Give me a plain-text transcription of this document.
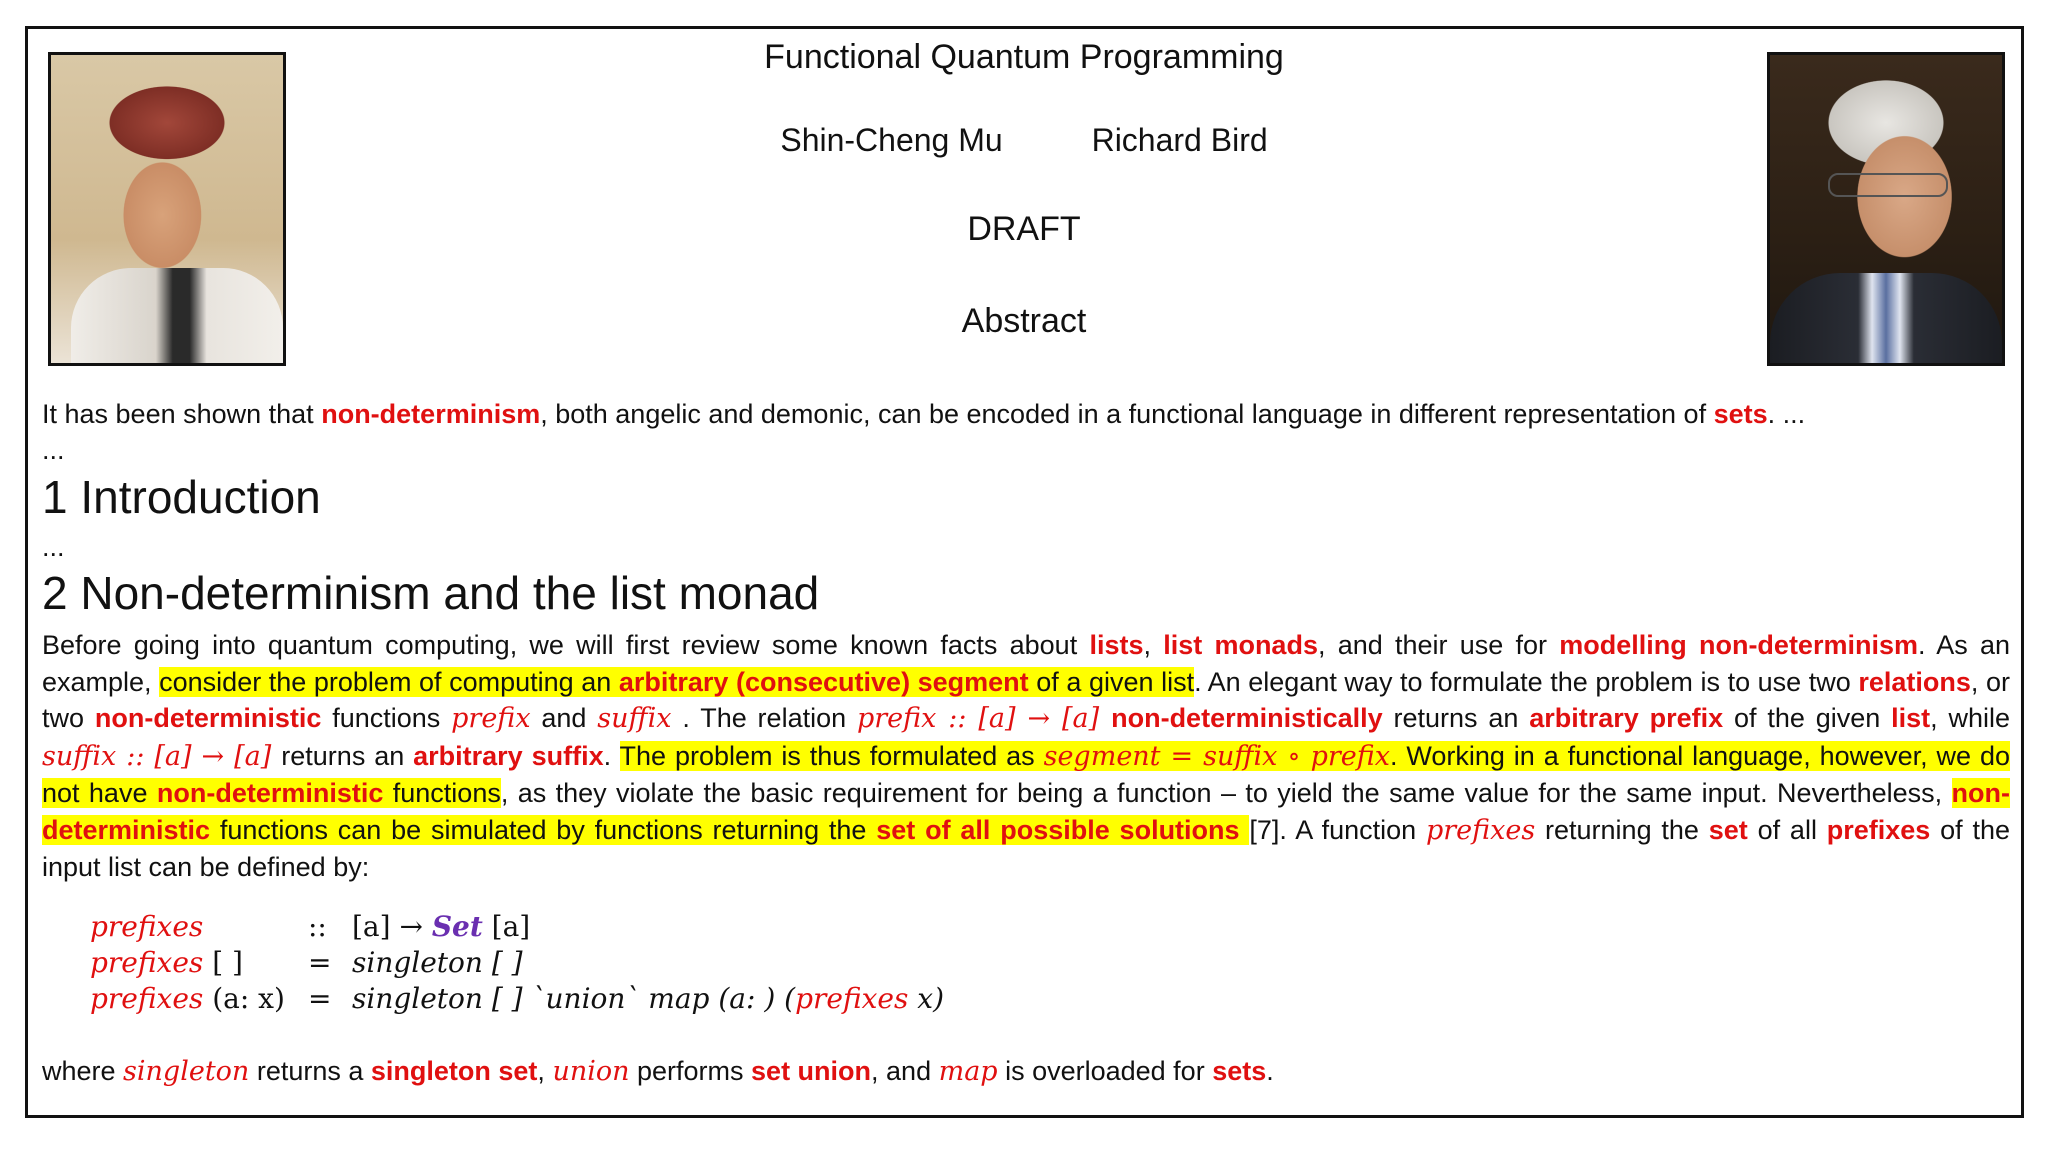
Functional Quantum Programming
Shin-Cheng Mu	Richard Bird
DRAFT
Abstract
It has been shown that non-determinism, both angelic and demonic, can be encoded in a functional language in different representation of sets. ...
...
1 Introduction
...
2 Non-determinism and the list monad
Before going into quantum computing, we will first review some known facts about lists, list monads, and their use for modelling non-determinism. As an example, consider the problem of computing an arbitrary (consecutive) segment of a given list. An elegant way to formulate the problem is to use two relations, or two non-deterministic functions prefix and suffix . The relation prefix :: [a] → [a] non-deterministically returns an arbitrary prefix of the given list, while suffix :: [a] → [a] returns an arbitrary suffix. The problem is thus formulated as segment = suffix ∘ prefix. Working in a functional language, however, we do not have non-deterministic functions, as they violate the basic requirement for being a function – to yield the same value for the same input. Nevertheless, non-deterministic functions can be simulated by functions returning the set of all possible solutions [7]. A function prefixes returning the set of all prefixes of the input list can be defined by:
prefixes	:: [a] → Set [a]
prefixes [ ] = singleton [ ]
prefixes (a: x) = singleton [ ] `union` map (a: ) (prefixes x)
where singleton returns a singleton set, union performs set union, and map is overloaded for sets.
